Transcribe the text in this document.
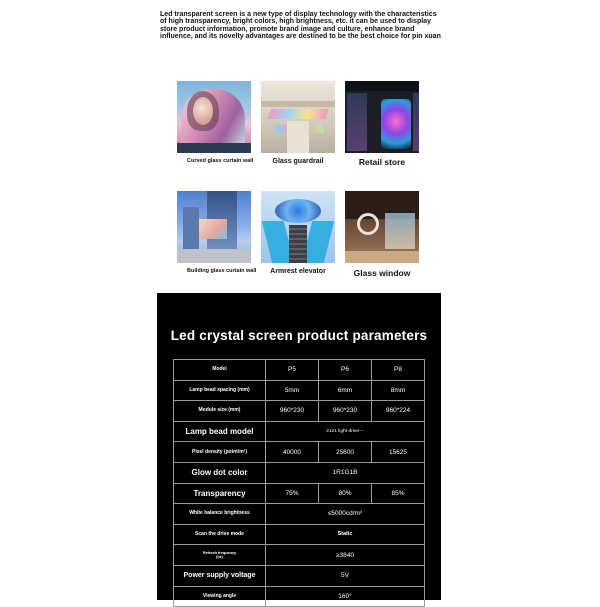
Led transparent screen is a new type of display technology with the characteristics of high transparency, bright colors, high brightness, etc. it can be used to display store product information, promote brand image and culture, enhance brand influence, and its novelty advantages are destined to be the best choice for pin xuan
Curved glass curtain wall	Glass guardrail	Retail store
Building glass curtain wall	Armrest elevator	Glass window
Led crystal screen product parameters
Model	P5	P6	P8
Lamp bead spacing (mm)	5mm	6mm	8mm
Module size (mm)	960*230	960*230	960*224
Lamp bead model	2121 light-drive---		
Pixel density (point/m²)	40000	25600	15625
Glow dot color	1R1G1B		
Transparency	75%	80%	85%
White balance brightness	≤5000cd/m²		
Scan the drive mode	Static		
Refresh frequency
(hz)	≥3840		
Power supply voltage	5V		
Viewing angle	160°		
